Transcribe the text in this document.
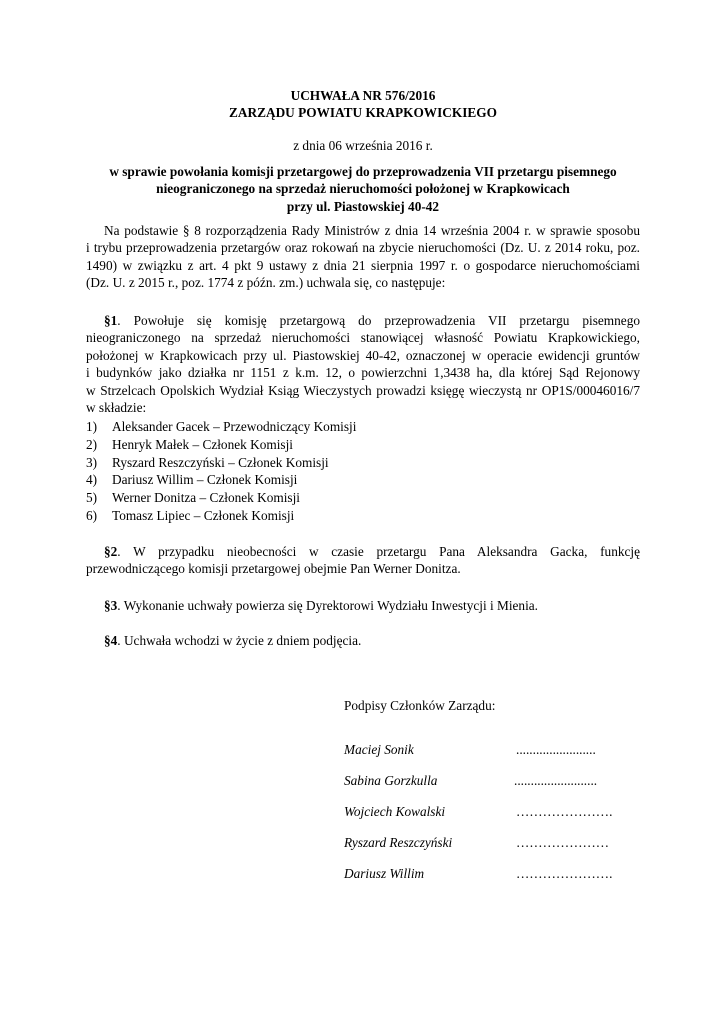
UCHWAŁA NR 576/2016
ZARZĄDU POWIATU KRAPKOWICKIEGO
z dnia 06 września 2016 r.
w sprawie powołania komisji przetargowej do przeprowadzenia VII przetargu pisemnego
nieograniczonego na sprzedaż nieruchomości położonej w Krapkowicach
przy ul. Piastowskiej 40-42
Na podstawie § 8 rozporządzenia Rady Ministrów z dnia 14 września 2004 r. w sprawie sposobu
i trybu przeprowadzenia przetargów oraz rokowań na zbycie nieruchomości (Dz. U. z 2014 roku, poz.
1490) w związku z art. 4 pkt 9 ustawy z dnia 21 sierpnia 1997 r. o gospodarce nieruchomościami
(Dz. U. z 2015 r., poz. 1774 z późn. zm.) uchwala się, co następuje:
§1. Powołuje się komisję przetargową do przeprowadzenia VII przetargu pisemnego
nieograniczonego na sprzedaż nieruchomości stanowiącej własność Powiatu Krapkowickiego,
położonej w Krapkowicach przy ul. Piastowskiej 40-42, oznaczonej w operacie ewidencji gruntów
i budynków jako działka nr 1151 z k.m. 12, o powierzchni 1,3438 ha, dla której Sąd Rejonowy
w Strzelcach Opolskich Wydział Ksiąg Wieczystych prowadzi księgę wieczystą nr OP1S/00046016/7
w składzie:
1) Aleksander Gacek – Przewodniczący Komisji
2) Henryk Małek – Członek Komisji
3) Ryszard Reszczyński – Członek Komisji
4) Dariusz Willim – Członek Komisji
5) Werner Donitza – Członek Komisji
6) Tomasz Lipiec – Członek Komisji
§2. W przypadku nieobecności w czasie przetargu Pana Aleksandra Gacka, funkcję
przewodniczącego komisji przetargowej obejmie Pan Werner Donitza.
§3. Wykonanie uchwały powierza się Dyrektorowi Wydziału Inwestycji i Mienia.
§4. Uchwała wchodzi w życie z dniem podjęcia.
Podpisy Członków Zarządu:
Maciej Sonik	........................
Sabina Gorzkulla	.........................
Wojciech Kowalski	………………….
Ryszard Reszczyński	…………………
Dariusz Willim	………………….
